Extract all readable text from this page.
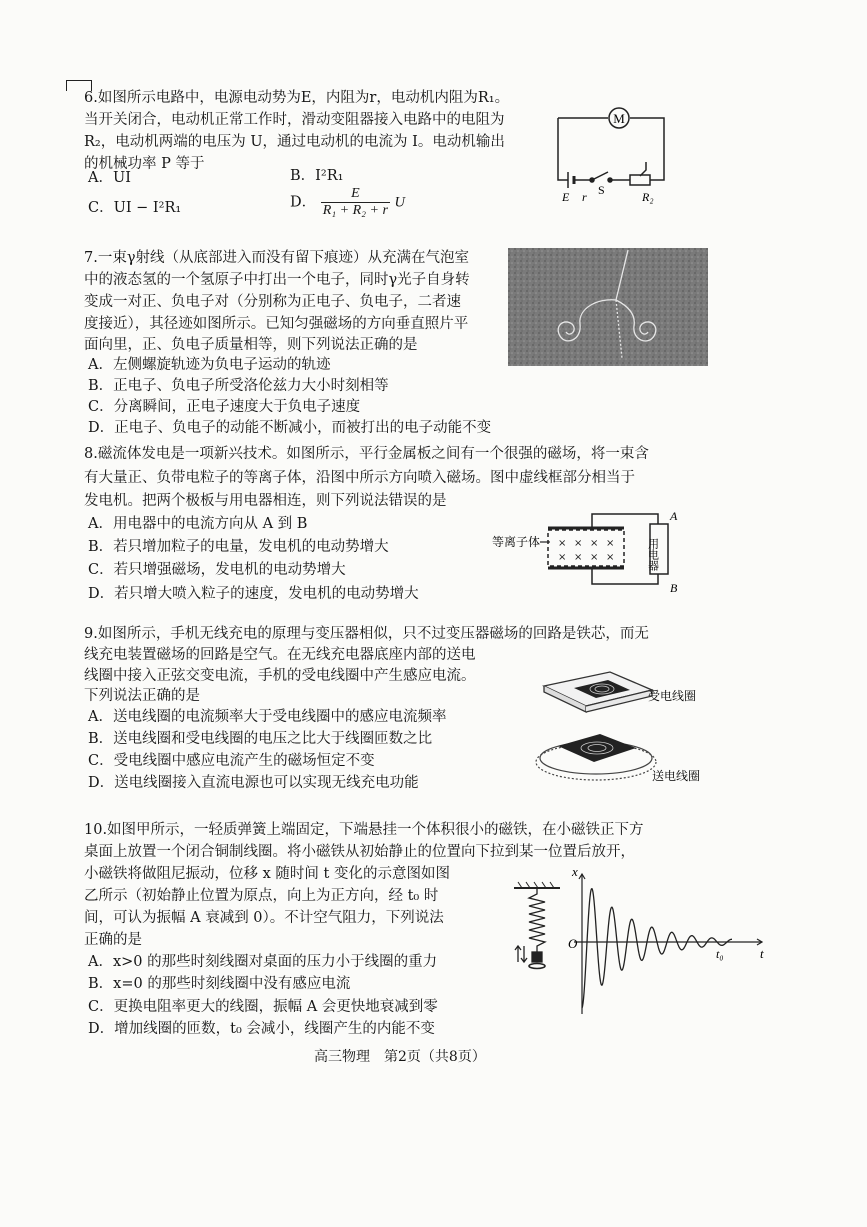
6.如图所示电路中，电源电动势为E，内阻为r，电动机内阻为R₁。
当开关闭合，电动机正常工作时，滑动变阻器接入电路中的电阻为
R₂，电动机两端的电压为 U，通过电动机的电流为 I。电动机输出
的机械功率 P 等于
A．UI	B．I²R₁
C．UI − I²R₁	D． $\frac{E}{\text{R₁ + R₂ + r}}$ U
M
E r S	R₂
7.一束γ射线（从底部进入而没有留下痕迹）从充满在气泡室
中的液态氢的一个氢原子中打出一个电子，同时γ光子自身转
变成一对正、负电子对（分别称为正电子、负电子，二者速
度接近），其径迹如图所示。已知匀强磁场的方向垂直照片平
面向里，正、负电子质量相等，则下列说法正确的是
A．左侧螺旋轨迹为负电子运动的轨迹
B．正电子、负电子所受洛伦兹力大小时刻相等
C．分离瞬间，正电子速度大于负电子速度
D．正电子、负电子的动能不断减小，而被打出的电子动能不变
8.磁流体发电是一项新兴技术。如图所示，平行金属板之间有一个很强的磁场，将一束含
有大量正、负带电粒子的等离子体，沿图中所示方向喷入磁场。图中虚线框部分相当于
发电机。把两个极板与用电器相连，则下列说法错误的是
A．用电器中的电流方向从 A 到 B
B．若只增加粒子的电量，发电机的电动势增大
C．若只增强磁场，发电机的电动势增大
D．若只增大喷入粒子的速度，发电机的电动势增大
× × × ×
× × × ×
等离子体	用电器
A
B
9.如图所示，手机无线充电的原理与变压器相似，只不过变压器磁场的回路是铁芯，而无
线充电装置磁场的回路是空气。在无线充电器底座内部的送电
线圈中接入正弦交变电流，手机的受电线圈中产生感应电流。
下列说法正确的是
A．送电线圈的电流频率大于受电线圈中的感应电流频率
B．送电线圈和受电线圈的电压之比大于线圈匝数之比
C．受电线圈中感应电流产生的磁场恒定不变
D．送电线圈接入直流电源也可以实现无线充电功能
受电线圈
送电线圈
10.如图甲所示，一轻质弹簧上端固定，下端悬挂一个体积很小的磁铁，在小磁铁正下方
桌面上放置一个闭合铜制线圈。将小磁铁从初始静止的位置向下拉到某一位置后放开，
小磁铁将做阻尼振动，位移 x 随时间 t 变化的示意图如图
乙所示（初始静止位置为原点，向上为正方向，经 t₀ 时
间，可认为振幅 A 衰减到 0）。不计空气阻力，下列说法
正确的是
A．x>0 的那些时刻线圈对桌面的压力小于线圈的重力
B．x=0 的那些时刻线圈中没有感应电流
C．更换电阻率更大的线圈，振幅 A 会更快地衰减到零
D．增加线圈的匝数，t₀ 会减小，线圈产生的内能不变
x
O
t
t₀
高三物理　第2页（共8页）
